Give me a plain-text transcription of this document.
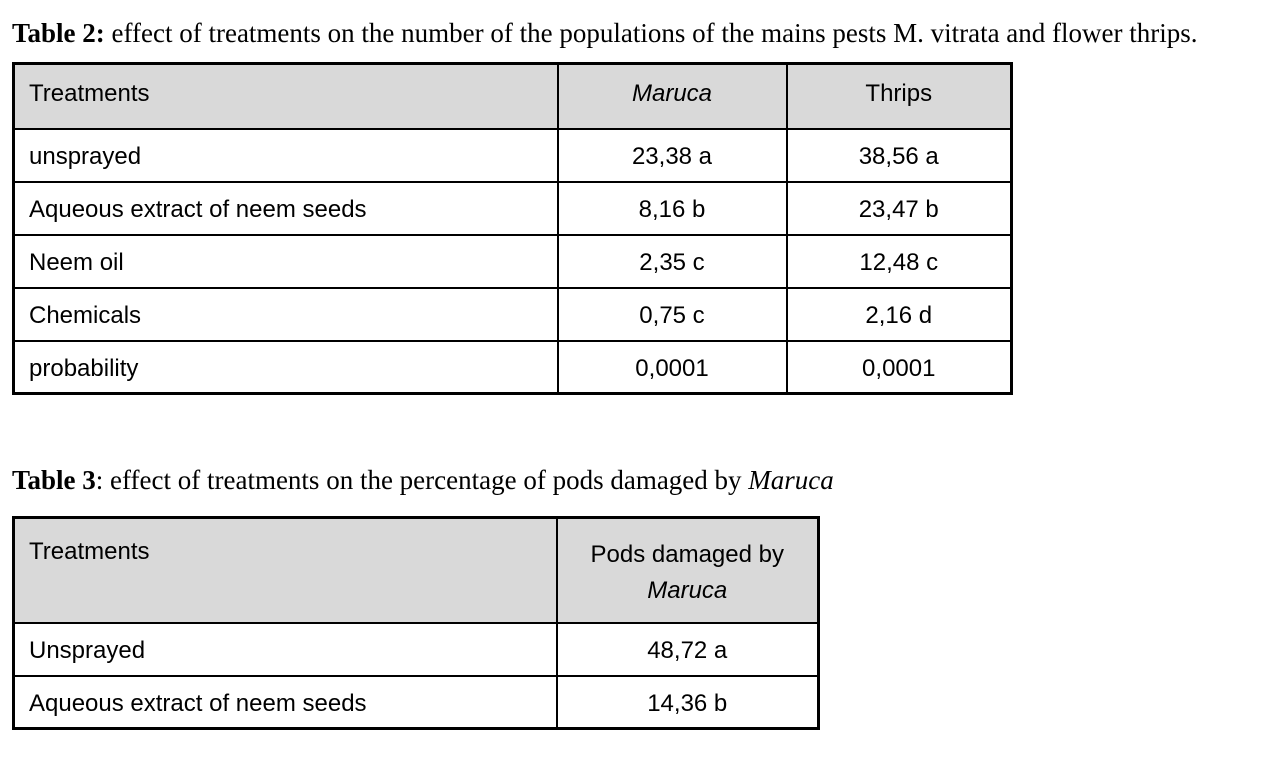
Table 2: effect of treatments on the number of the populations of the mains pests M. vitrata and flower thrips.

Treatments	Maruca	Thrips
unsprayed	23,38 a	38,56 a
Aqueous extract of neem seeds	8,16 b	23,47 b
Neem oil	2,35 c	12,48 c
Chemicals	0,75 c	2,16 d
probability	0,0001	0,0001

Table 3: effect of treatments on the percentage of pods damaged by Maruca

Treatments	Pods damaged by
Maruca
Unsprayed	48,72 a
Aqueous extract of neem seeds	14,36 b
